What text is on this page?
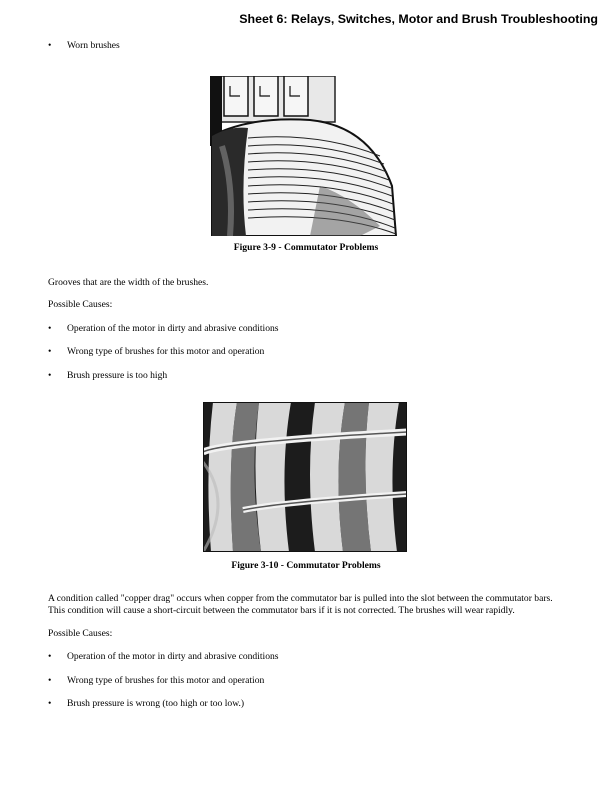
Sheet 6: Relays, Switches, Motor and Brush Troubleshooting
• Worn brushes
Figure 3-9 - Commutator Problems
Grooves that are the width of the brushes.
Possible Causes:
• Operation of the motor in dirty and abrasive conditions
• Wrong type of brushes for this motor and operation
• Brush pressure is too high
Figure 3-10 - Commutator Problems
A condition called "copper drag" occurs when copper from the commutator bar is pulled into the slot between the commutator bars. This condition will cause a short-circuit between the commutator bars if it is not corrected. The brushes will wear rapidly.
Possible Causes:
• Operation of the motor in dirty and abrasive conditions
• Wrong type of brushes for this motor and operation
• Brush pressure is wrong (too high or too low.)
